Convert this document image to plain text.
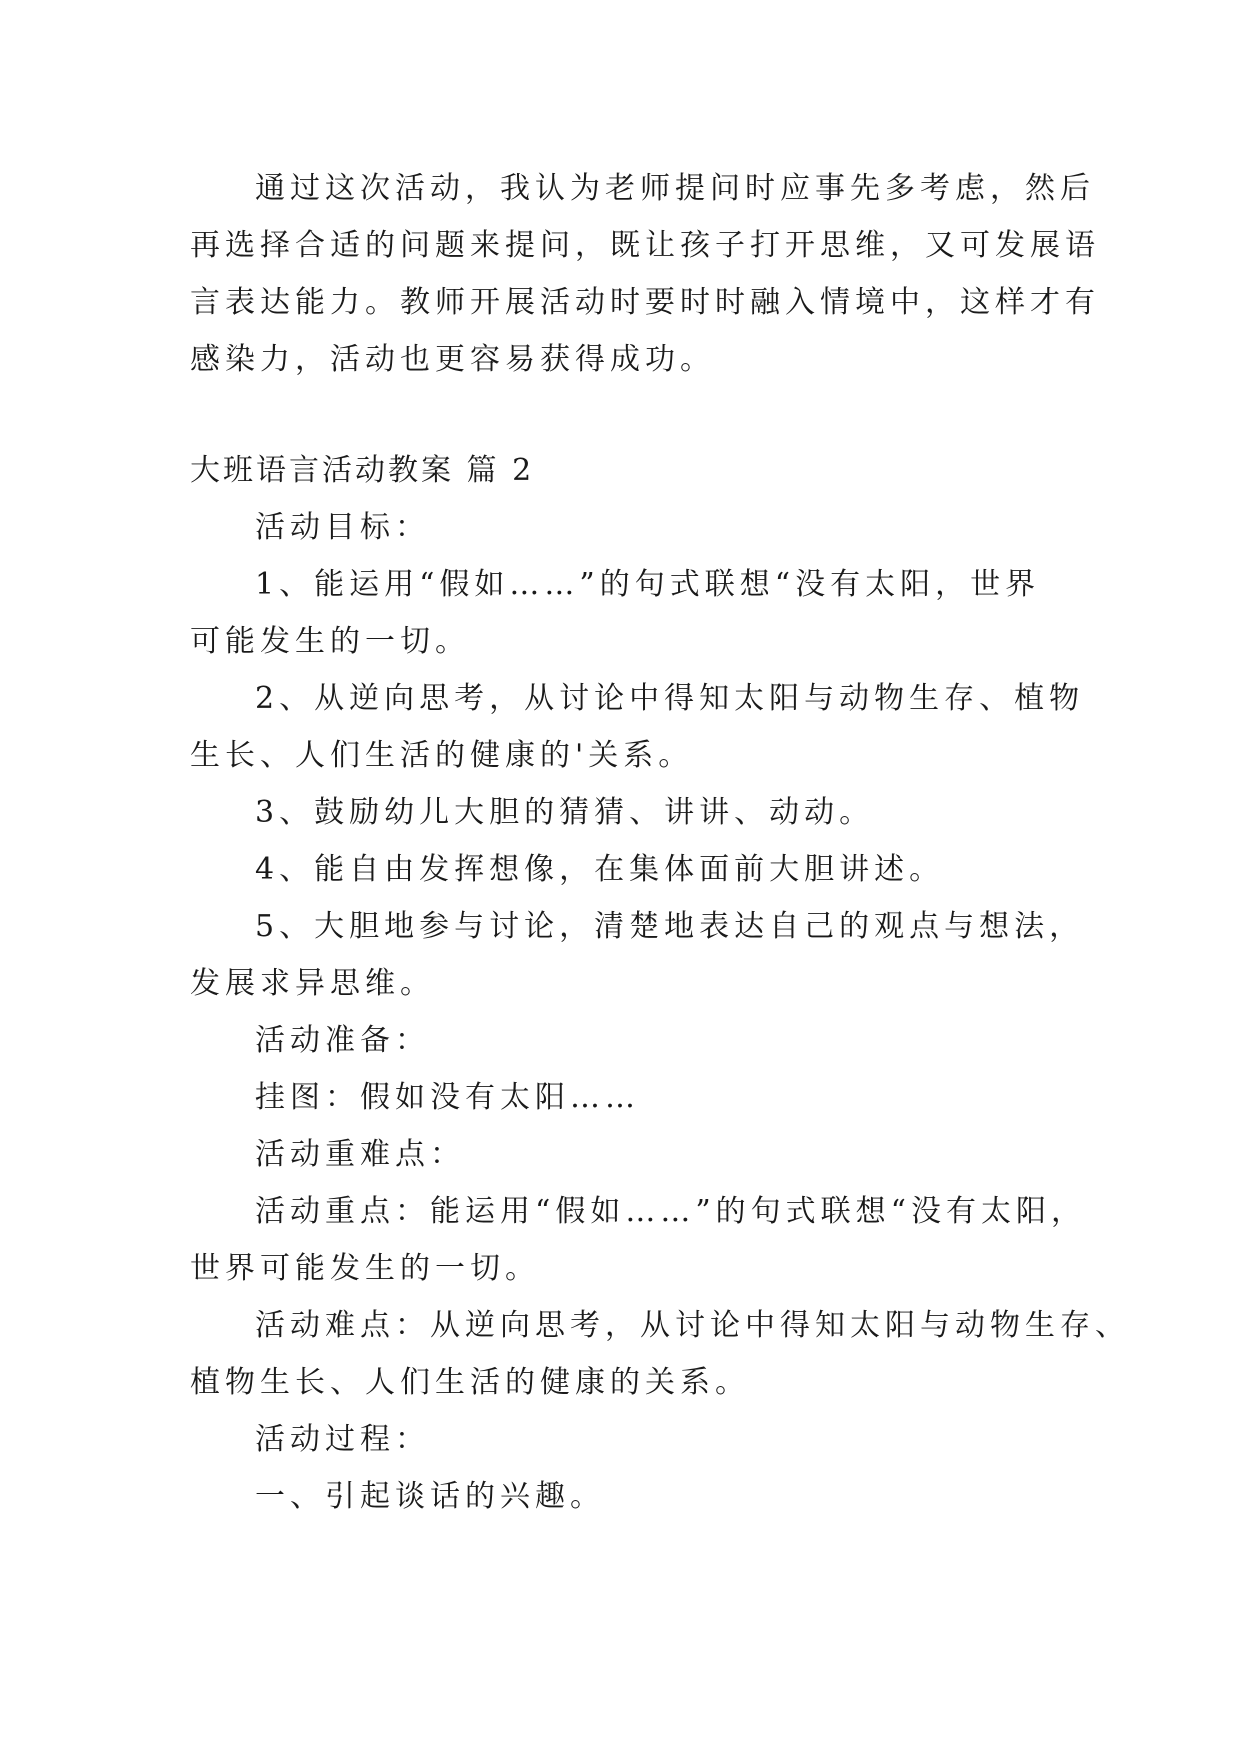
通过这次活动，我认为老师提问时应事先多考虑，然后
再选择合适的问题来提问，既让孩子打开思维，又可发展语
言表达能力。教师开展活动时要时时融入情境中，这样才有
感染力，活动也更容易获得成功。
大班语言活动教案 篇 2
活动目标：
1、能运用“假如……”的句式联想“没有太阳，世界
可能发生的一切。
2、从逆向思考，从讨论中得知太阳与动物生存、植物
生长、人们生活的健康的'关系。
3、鼓励幼儿大胆的猜猜、讲讲、动动。
4、能自由发挥想像，在集体面前大胆讲述。
5、大胆地参与讨论，清楚地表达自己的观点与想法，
发展求异思维。
活动准备：
挂图：假如没有太阳……
活动重难点：
活动重点：能运用“假如……”的句式联想“没有太阳，
世界可能发生的一切。
活动难点：从逆向思考，从讨论中得知太阳与动物生存、
植物生长、人们生活的健康的关系。
活动过程：
一、引起谈话的兴趣。
